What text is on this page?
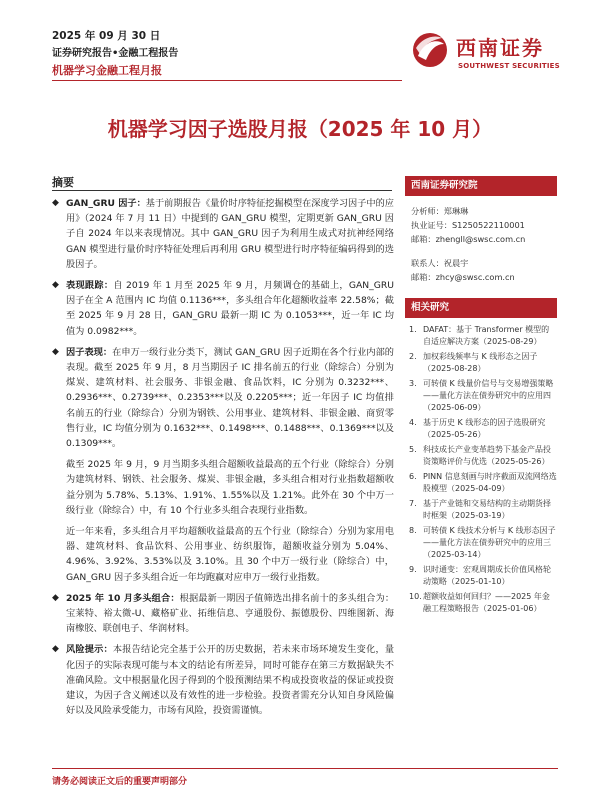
2025 年 09 月 30 日
证券研究报告•金融工程报告
机器学习金融工程月报
西南证券
SOUTHWEST SECURITIES
机器学习因子选股月报（2025 年 10 月）
摘要
◆ GAN_GRU 因子：基于前期报告《量价时序特征挖掘模型在深度学习因子中的应用》（2024 年 7 月 11 日）中提到的 GAN_GRU 模型，定期更新 GAN_GRU 因子自 2024 年以来表现情况。其中 GAN_GRU 因子为利用生成式对抗神经网络 GAN 模型进行量价时序特征处理后再利用 GRU 模型进行时序特征编码得到的选股因子。
◆ 表现跟踪：自 2019 年 1 月至 2025 年 9 月，月频调仓的基础上，GAN_GRU 因子在全 A 范围内 IC 均值 0.1136***，多头组合年化超额收益率 22.58%；截至 2025 年 9 月 28 日，GAN_GRU 最新一期 IC 为 0.1053***，近一年 IC 均值为 0.0982***。
◆ 因子表现：在申万一级行业分类下，测试 GAN_GRU 因子近期在各个行业内部的表现。截至 2025 年 9 月，8 月当期因子 IC 排名前五的行业（除综合）分别为煤炭、建筑材料、社会服务、非银金融、食品饮料，IC 分别为 0.3232***、0.2936***、0.2739***、0.2353***以及 0.2205***；近一年因子 IC 均值排名前五的行业（除综合）分别为钢铁、公用事业、建筑材料、非银金融、商贸零售行业，IC 均值分别为 0.1632***、0.1498***、0.1488***、0.1369***以及 0.1309***。
截至 2025 年 9 月，9 月当期多头组合超额收益最高的五个行业（除综合）分别为建筑材料、钢铁、社会服务、煤炭、非银金融，多头组合相对行业指数超额收益分别为 5.78%、5.13%、1.91%、1.55%以及 1.21%。此外在 30 个中万一级行业（除综合）中，有 10 个行业多头组合表现行业指数。
近一年来看，多头组合月平均超额收益最高的五个行业（除综合）分别为家用电器、建筑材料、食品饮料、公用事业、纺织服饰，超额收益分别为 5.04%、4.96%、3.92%、3.53%以及 3.10%。且 30 个中万一级行业（除综合）中，GAN_GRU 因子多头组合近一年均跑赢对应申万一级行业指数。
◆ 2025 年 10 月多头组合：根据最新一期因子值筛选出排名前十的多头组合为：宝莱特、裕太微-U、藏格矿业、拓维信息、亨通股份、振德股份、四维图新、海南橡胶、联创电子、华润材料。
◆ 风险提示：本报告结论完全基于公开的历史数据，若未来市场环境发生变化，量化因子的实际表现可能与本文的结论有所差异，同时可能存在第三方数据缺失不准确风险。文中根据量化因子得到的个股预测结果不构成投资收益的保证或投资建议，为因子含义阐述以及有效性的进一步检验。投资者需充分认知自身风险偏好以及风险承受能力，市场有风险，投资需谨慎。
西南证券研究院
分析师：郑琳琳
执业证号：S1250522110001
邮箱：zhengll@swsc.com.cn
联系人：祝晨宇
邮箱：zhcy@swsc.com.cn
相关研究
1. DAFAT：基于 Transformer 模型的自适应解决方案（2025-08-29）
2. 加权彩线频率与 K 线形态之因子（2025-08-28）
3. 可转债 K 线量价信号与交易增强策略——量化方法在债券研究中的应用四（2025-06-09）
4. 基于历史 K 线形态的因子选股研究（2025-05-26）
5. 科技成长产业变革趋势下基金产品投资策略评价与优选（2025-05-26）
6. PINN 信息刻画与时序截面双流网络选股模型（2025-04-09）
7. 基于产业链和交易结构的主动期货择时框架（2025-03-19）
8. 可转债 K 线技术分析与 K 线形态因子——量化方法在债券研究中的应用三（2025-03-14）
9. 识时通变：宏观周期成长价值风格轮动策略（2025-01-10）
10. 超额收益如何回归？——2025 年金融工程策略报告（2025-01-06）
请务必阅读正文后的重要声明部分
